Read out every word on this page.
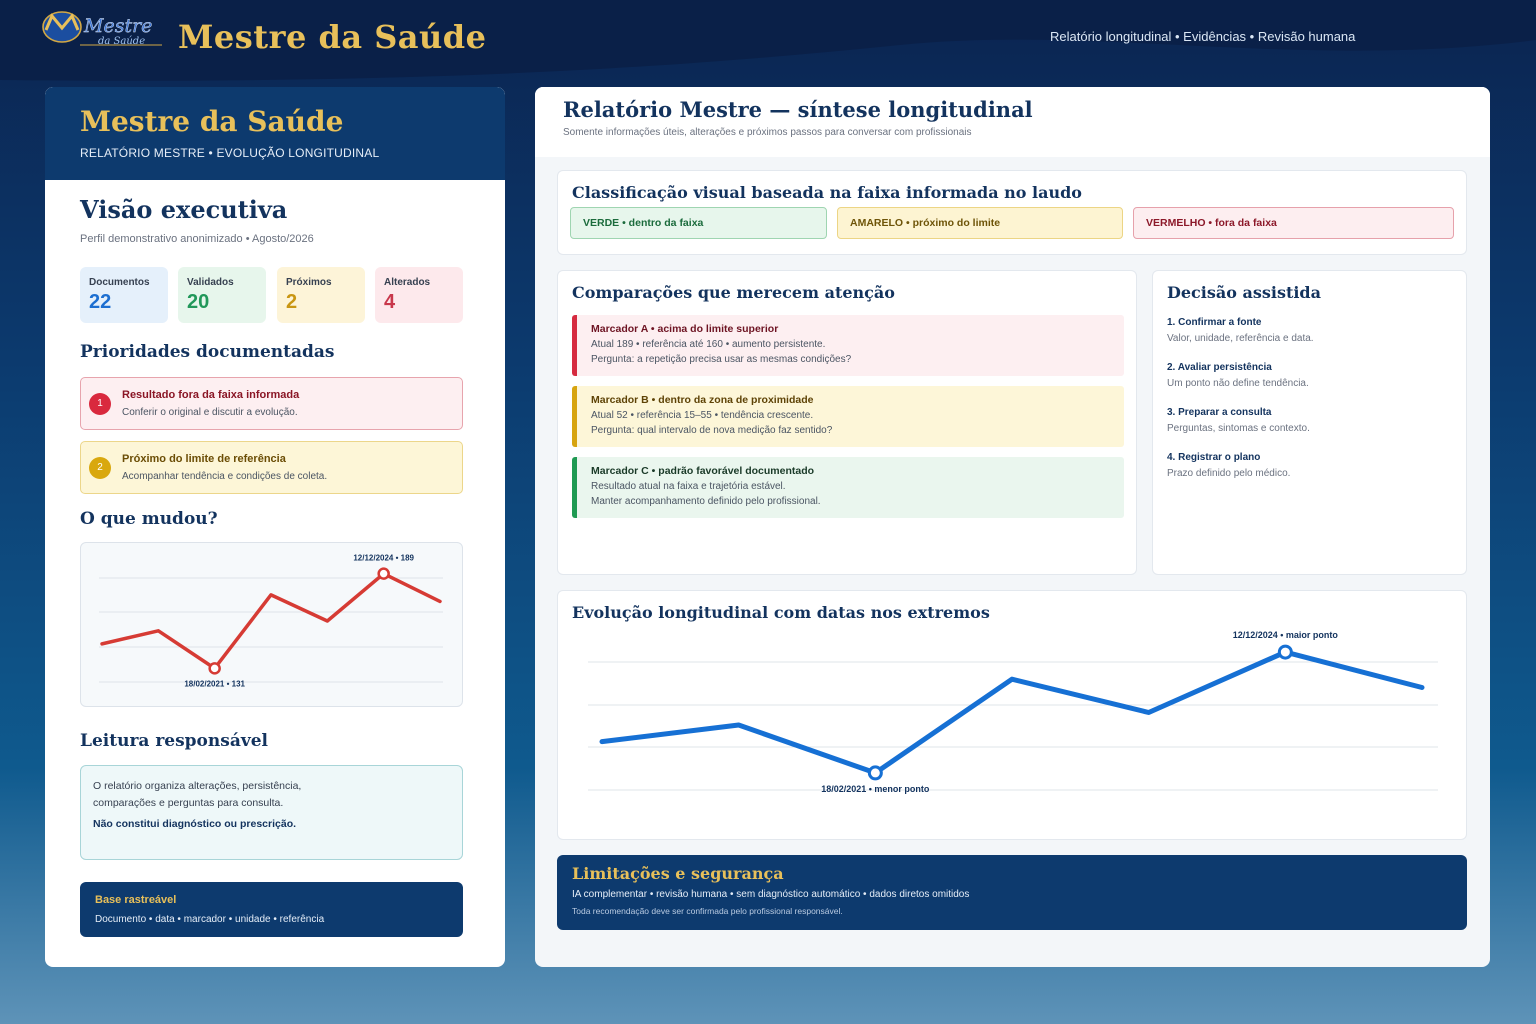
Mestre
da Saúde Mestre da Saúde	Relatório longitudinal • Evidências • Revisão humana
Mestre da Saúde
RELATÓRIO MESTRE • EVOLUÇÃO LONGITUDINAL
Visão executiva
Perfil demonstrativo anonimizado • Agosto/2026
Documentos
22
Validados
20
Próximos
2
Alterados
4
Prioridades documentadas
1
Resultado fora da faixa informada
Conferir o original e discutir a evolução.
2
Próximo do limite de referência
Acompanhar tendência e condições de coleta.
O que mudou?
18/02/2021 • 131
12/12/2024 • 189
Leitura responsável
O relatório organiza alterações, persistência, comparações e perguntas para consulta.
Não constitui diagnóstico ou prescrição.
Base rastreável
Documento • data • marcador • unidade • referência
Relatório Mestre — síntese longitudinal
Somente informações úteis, alterações e próximos passos para conversar com profissionais
Classificação visual baseada na faixa informada no laudo
VERDE • dentro da faixa	AMARELO • próximo do limite	VERMELHO • fora da faixa
Comparações que merecem atenção
Marcador A • acima do limite superior
Atual 189 • referência até 160 • aumento persistente.
Pergunta: a repetição precisa usar as mesmas condições?
Marcador B • dentro da zona de proximidade
Atual 52 • referência 15–55 • tendência crescente.
Pergunta: qual intervalo de nova medição faz sentido?
Marcador C • padrão favorável documentado
Resultado atual na faixa e trajetória estável.
Manter acompanhamento definido pelo profissional.
Decisão assistida
1. Confirmar a fonte
Valor, unidade, referência e data.
2. Avaliar persistência
Um ponto não define tendência.
3. Preparar a consulta
Perguntas, sintomas e contexto.
4. Registrar o plano
Prazo definido pelo médico.
Evolução longitudinal com datas nos extremos
18/02/2021 • menor ponto
12/12/2024 • maior ponto
Limitações e segurança
IA complementar • revisão humana • sem diagnóstico automático • dados diretos omitidos
Toda recomendação deve ser confirmada pelo profissional responsável.
